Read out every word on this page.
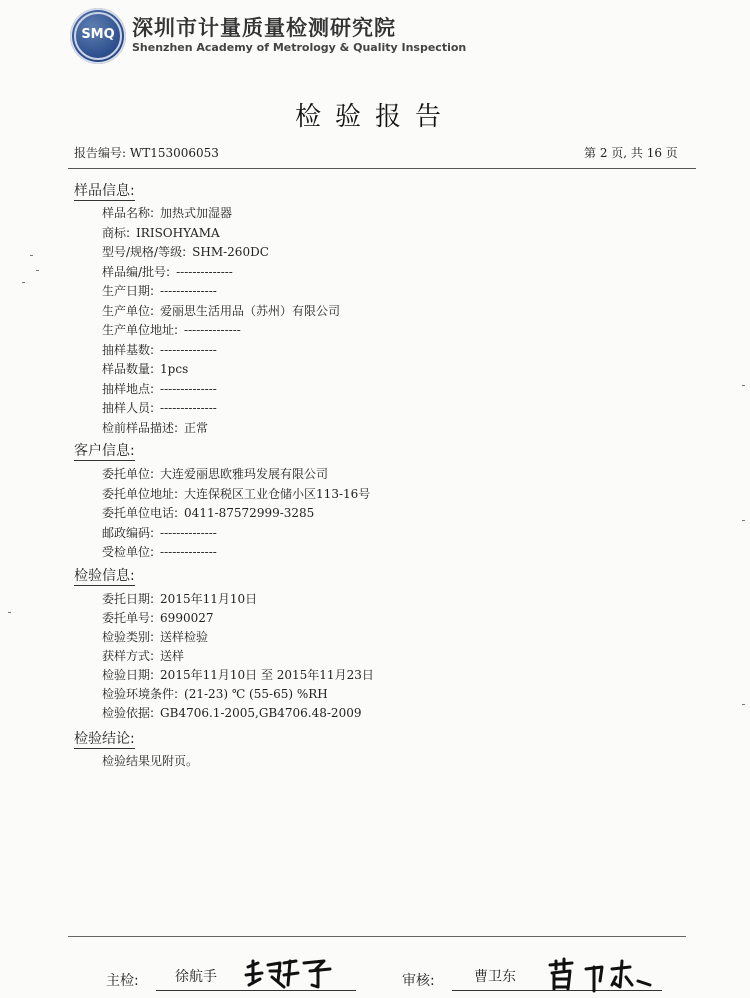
SMQ 深圳市计量质量检测研究院
Shenzhen Academy of Metrology & Quality Inspection
检验报告
报告编号: WT153006053	第 2 页, 共 16 页
样品信息:
样品名称: 加热式加湿器
商标: IRISOHYAMA
型号/规格/等级: SHM-260DC
样品编/批号: --------------
生产日期: --------------
生产单位: 爱丽思生活用品（苏州）有限公司
生产单位地址: --------------
抽样基数: --------------
样品数量: 1pcs
抽样地点: --------------
抽样人员: --------------
检前样品描述: 正常
客户信息:
委托单位: 大连爱丽思欧雅玛发展有限公司
委托单位地址: 大连保税区工业仓储小区113-16号
委托单位电话: 0411-87572999-3285
邮政编码: --------------
受检单位: --------------
检验信息:
委托日期: 2015年11月10日
委托单号: 6990027
检验类别: 送样检验
获样方式: 送样
检验日期: 2015年11月10日 至 2015年11月23日
检验环境条件: (21-23) ℃ (55-65) %RH
检验依据: GB4706.1-2005,GB4706.48-2009
检验结论:
检验结果见附页。
主检:	徐航手	审核:	曹卫东
